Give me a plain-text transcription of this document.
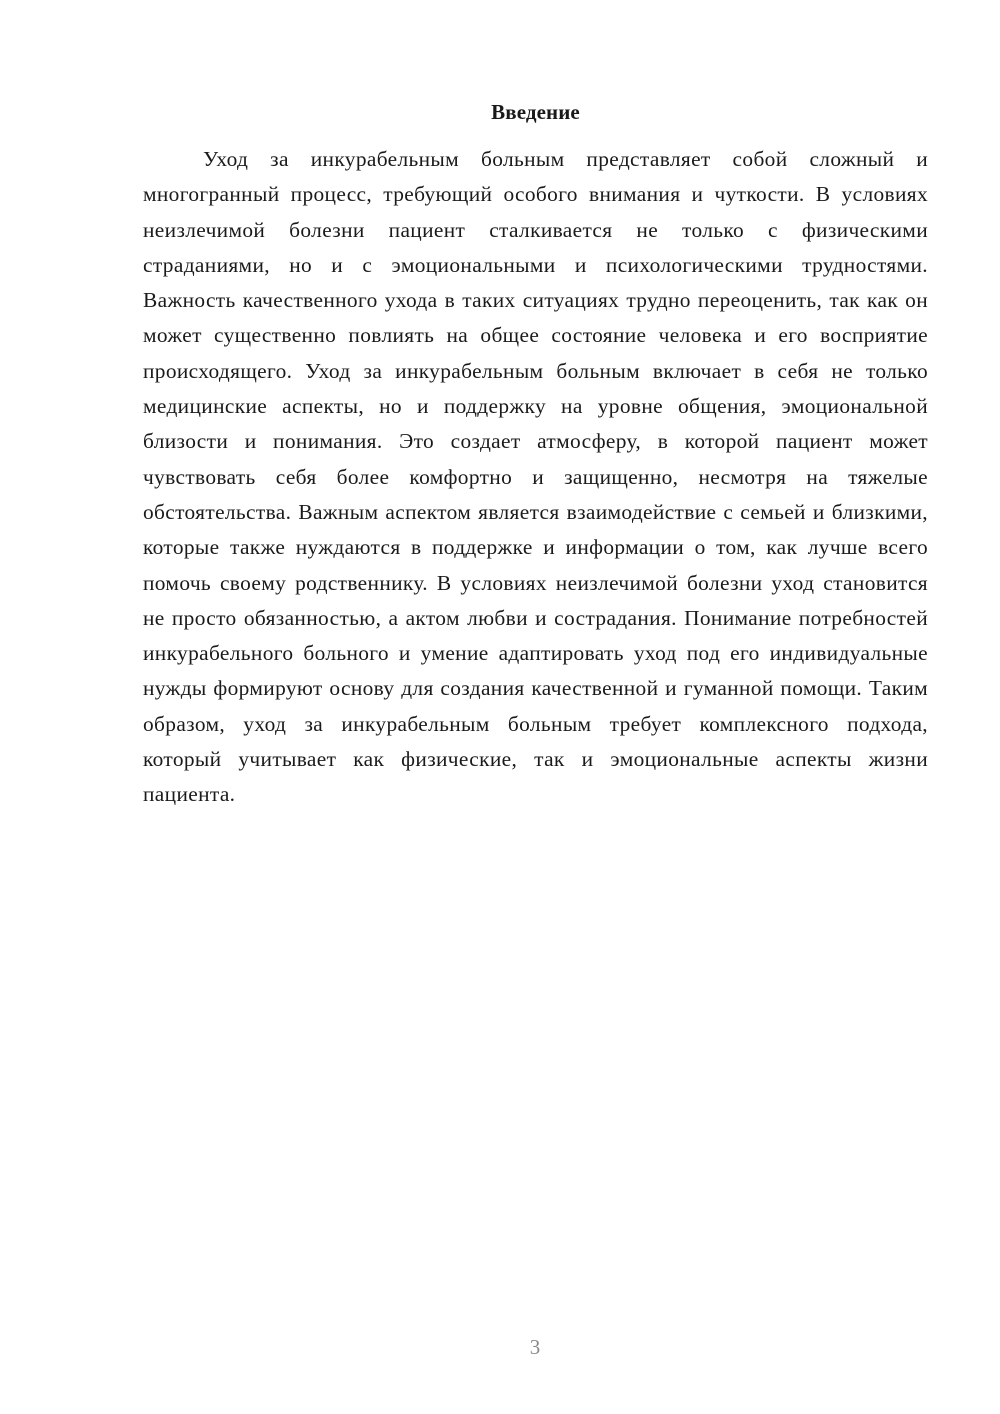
Введение

Уход за инкурабельным больным представляет собой сложный и многогранный процесс, требующий особого внимания и чуткости. В условиях неизлечимой болезни пациент сталкивается не только с физическими страданиями, но и с эмоциональными и психологическими трудностями. Важность качественного ухода в таких ситуациях трудно переоценить, так как он может существенно повлиять на общее состояние человека и его восприятие происходящего. Уход за инкурабельным больным включает в себя не только медицинские аспекты, но и поддержку на уровне общения, эмоциональной близости и понимания. Это создает атмосферу, в которой пациент может чувствовать себя более комфортно и защищенно, несмотря на тяжелые обстоятельства. Важным аспектом является взаимодействие с семьей и близкими, которые также нуждаются в поддержке и информации о том, как лучше всего помочь своему родственнику. В условиях неизлечимой болезни уход становится не просто обязанностью, а актом любви и сострадания. Понимание потребностей инкурабельного больного и умение адаптировать уход под его индивидуальные нужды формируют основу для создания качественной и гуманной помощи. Таким образом, уход за инкурабельным больным требует комплексного подхода, который учитывает как физические, так и эмоциональные аспекты жизни пациента.

3
